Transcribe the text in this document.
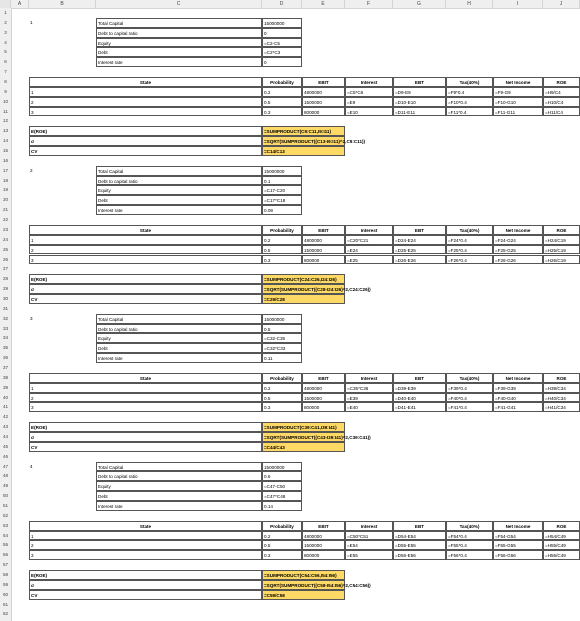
A	B	C	D	E	F	G	H	I	J
1
2
3
4
5
6
7
8
9
10
11
12
13
14
15
16
17
18
19
20
21
22
23
24
25
26
27
28
29
30
31
32
33
34
35
36
37
38
39
40
41
42
43
44
45
46
47
48
49
50
51
52
53
54
55
56
57
58
59
60
61
62
1	Total Capital	15000000
Debt to capital ratio	0
Equity	=C2-C5
Debt	=C2*C3
Interest rate	0
State	Probability	EBIT	Interest	EBT	Tax(40%)	Net Income	ROE
1	0.2	4800000	=C5*C6	=D9-E9	=F9*0.4	=F9-G9	=H9/C4
2	0.5	1500000	=E9	=D10-E10	=F10*0.4	=F10-G10	=H10/C4
3	0.3	800000	=E10	=D11-E11	=F11*0.4	=F11-G11	=H11/C4
E(ROE)	=SUMPRODUCT(C9:C11,I9:I11)
σ	=SQRT(SUMPRODUCT((C13-I9:I11)^2,C9:C11))
CV	=C14/C13
2	Total Capital	15000000
Debt to capital ratio	0.1
Equity	=C17-C20
Debt	=C17*C18
Interest rate	0.09
State	Probability	EBIT	Interest	EBT	Tax(40%)	Net Income	ROE
1	0.2	4800000	=C20*C21	=D24-E24	=F24*0.4	=F24-G24	=H24/C19
2	0.5	1500000	=E24	=D25-E25	=F25*0.4	=F25-G25	=H25/C19
3	0.3	800000	=E25	=D26-E26	=F26*0.4	=F26-G26	=H26/C19
E(ROE)	=SUMPRODUCT(C24:C26,I24:I26)
σ	=SQRT(SUMPRODUCT((C28-I24:I26)^2,C24:C26))
CV	=C29/C28
3	Total Capital	15000000
Debt to capital ratio	0.5
Equity	=C32-C35
Debt	=C32*C33
Interest rate	0.11
State	Probability	EBIT	Interest	EBT	Tax(40%)	Net Income	ROE
1	0.2	4800000	=C35*C36	=D39-E39	=F39*0.4	=F39-G39	=H39/C34
2	0.5	1500000	=E39	=D40-E40	=F40*0.4	=F40-G40	=H40/C34
3	0.3	800000	=E40	=D41-E41	=F41*0.4	=F41-G41	=H41/C34
E(ROE)	=SUMPRODUCT(C39:C41,I39:I41)
σ	=SQRT(SUMPRODUCT((C43-I39:I41)^2,C39:C41))
CV	=C44/C43
4	Total Capital	15000000
Debt to capital ratio	0.6
Equity	=C47-C50
Debt	=C47*C48
Interest rate	0.14
State	Probability	EBIT	Interest	EBT	Tax(40%)	Net Income	ROE
1	0.2	4800000	=C50*C51	=D54-E54	=F54*0.4	=F54-G54	=H54/C49
2	0.5	1500000	=E54	=D55-E55	=F55*0.4	=F55-G55	=H55/C49
3	0.3	800000	=E55	=D56-E56	=F56*0.4	=F56-G56	=H56/C49
E(ROE)	=SUMPRODUCT(C54:C56,I54:I56)
σ	=SQRT(SUMPRODUCT((C58-I54:I56)^2,C54:C56))
CV	=C59/C58
